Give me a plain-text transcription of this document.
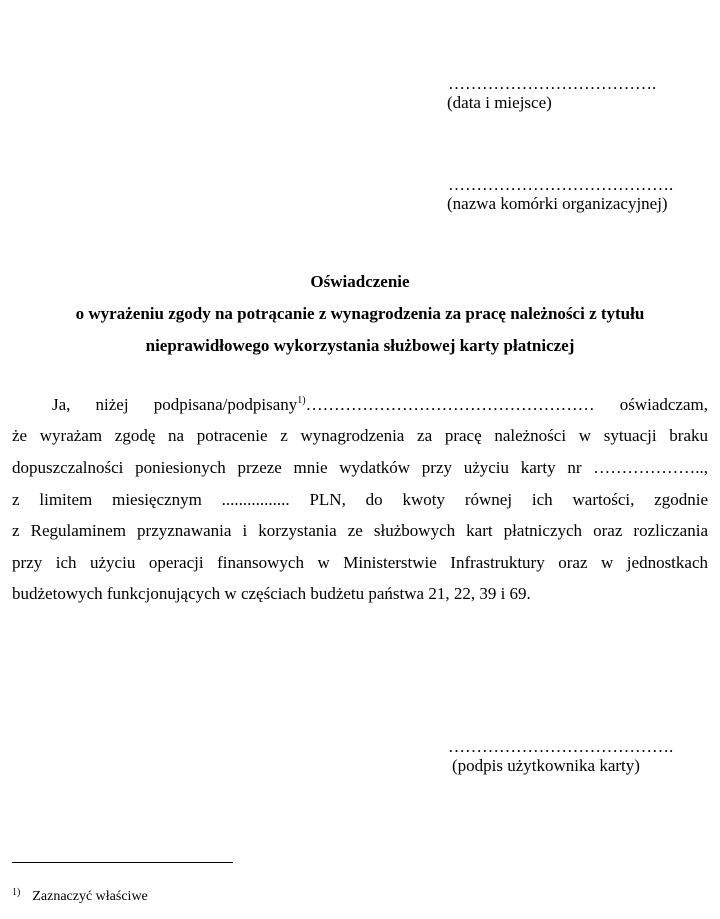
……………………………….
(data i miejsce)
………………………………….
(nazwa komórki organizacyjnej)
Oświadczenie
o wyrażeniu zgody na potrącanie z wynagrodzenia za pracę należności z tytułu
nieprawidłowego wykorzystania służbowej karty płatniczej
Ja, niżej podpisana/podpisany$^{1)}$…………………………………………… oświadczam,
że wyrażam zgodę na potracenie z wynagrodzenia za pracę należności w sytuacji braku
dopuszczalności poniesionych przeze mnie wydatków przy użyciu karty nr ………………..,
z limitem miesięcznym ................ PLN, do kwoty równej ich wartości, zgodnie
z Regulaminem przyznawania i korzystania ze służbowych kart płatniczych oraz rozliczania
przy ich użyciu operacji finansowych w Ministerstwie Infrastruktury oraz w jednostkach
budżetowych funkcjonujących w częściach budżetu państwa 21, 22, 39 i 69.
………………………………….
(podpis użytkownika karty)
$^{1)}$ Zaznaczyć właściwe
